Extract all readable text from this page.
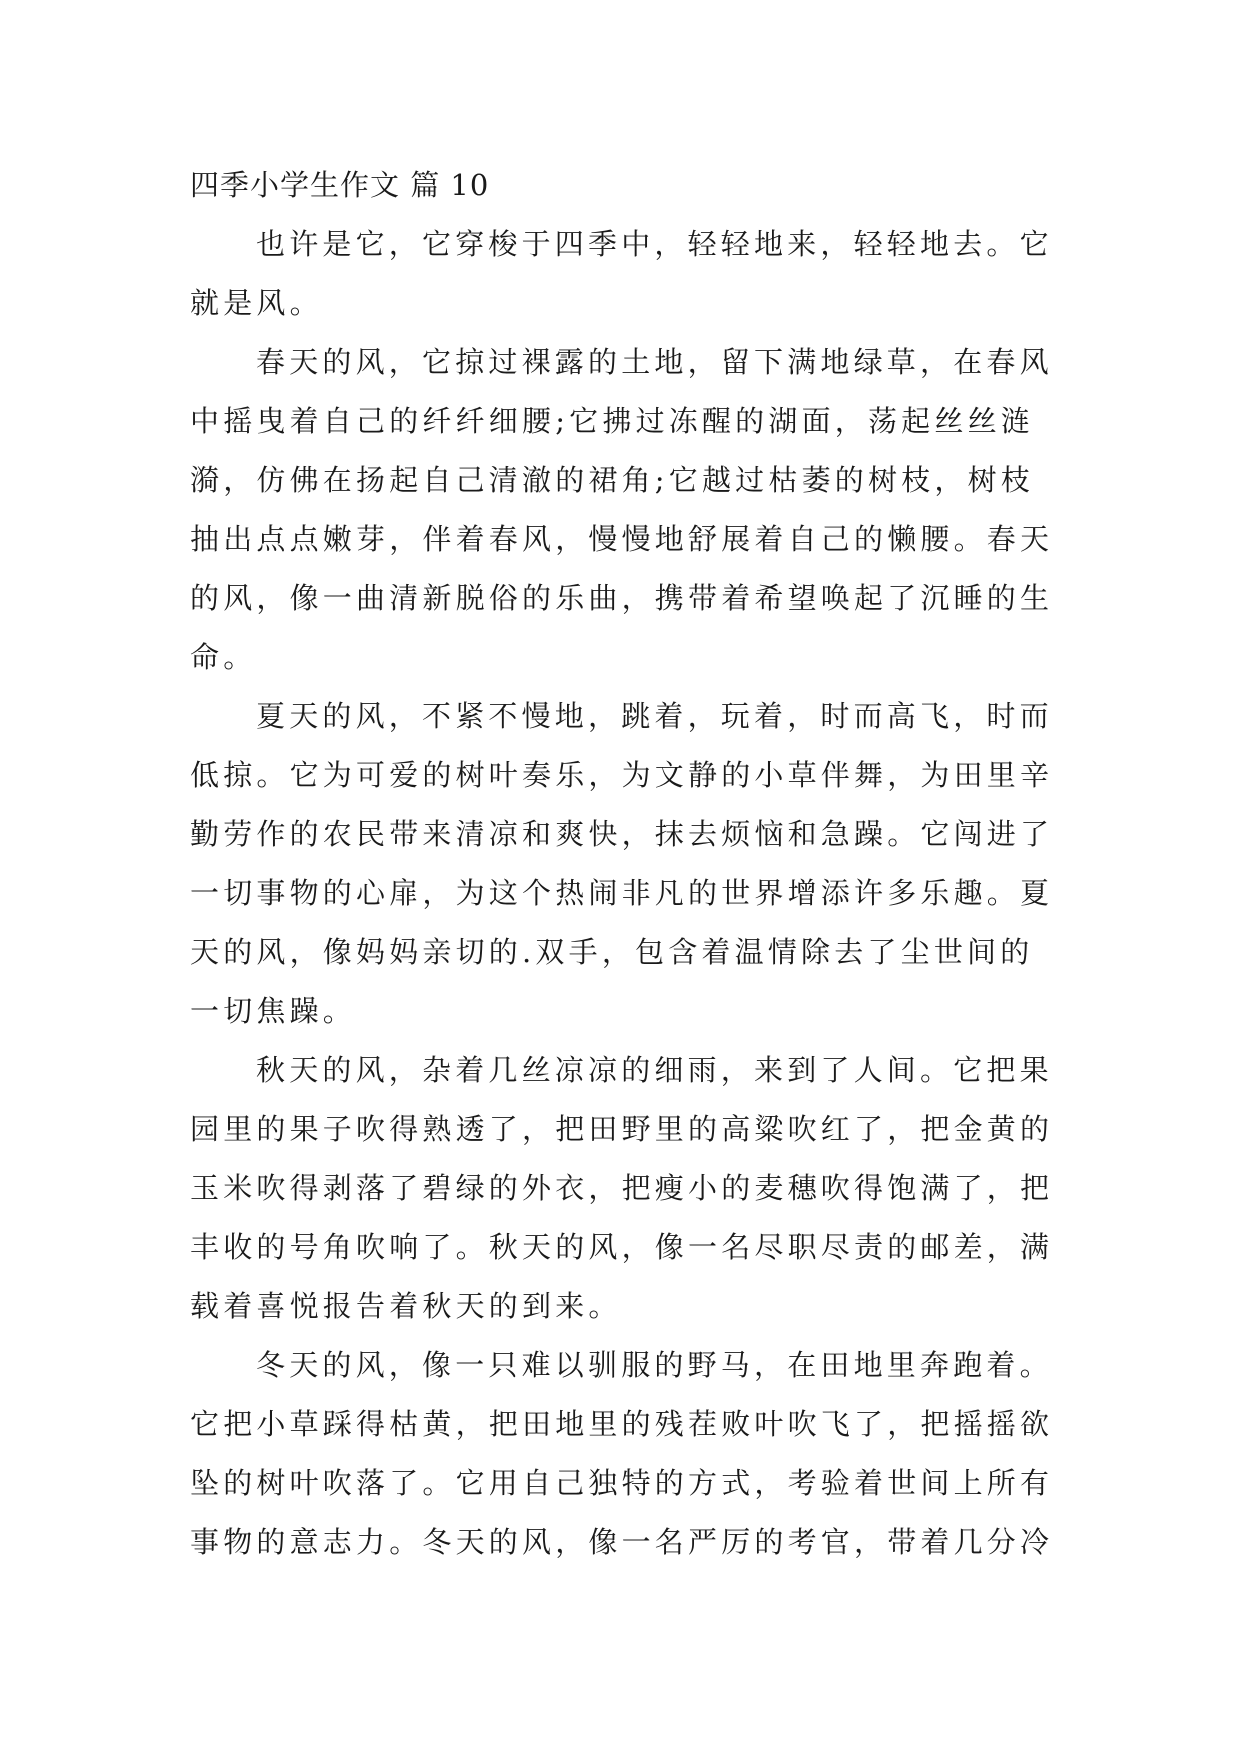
四季小学生作文 篇 10

也许是它，它穿梭于四季中，轻轻地来，轻轻地去。它
就是风。

春天的风，它掠过裸露的土地，留下满地绿草，在春风
中摇曳着自己的纤纤细腰;它拂过冻醒的湖面，荡起丝丝涟
漪，仿佛在扬起自己清澈的裙角;它越过枯萎的树枝，树枝
抽出点点嫩芽，伴着春风，慢慢地舒展着自己的懒腰。春天
的风，像一曲清新脱俗的乐曲，携带着希望唤起了沉睡的生
命。

夏天的风，不紧不慢地，跳着，玩着，时而高飞，时而
低掠。它为可爱的树叶奏乐，为文静的小草伴舞，为田里辛
勤劳作的农民带来清凉和爽快，抹去烦恼和急躁。它闯进了
一切事物的心扉，为这个热闹非凡的世界增添许多乐趣。夏
天的风，像妈妈亲切的.双手，包含着温情除去了尘世间的
一切焦躁。

秋天的风，杂着几丝凉凉的细雨，来到了人间。它把果
园里的果子吹得熟透了，把田野里的高粱吹红了，把金黄的
玉米吹得剥落了碧绿的外衣，把瘦小的麦穗吹得饱满了，把
丰收的号角吹响了。秋天的风，像一名尽职尽责的邮差，满
载着喜悦报告着秋天的到来。

冬天的风，像一只难以驯服的野马，在田地里奔跑着。
它把小草踩得枯黄，把田地里的残茬败叶吹飞了，把摇摇欲
坠的树叶吹落了。它用自己独特的方式，考验着世间上所有
事物的意志力。冬天的风，像一名严厉的考官，带着几分冷
